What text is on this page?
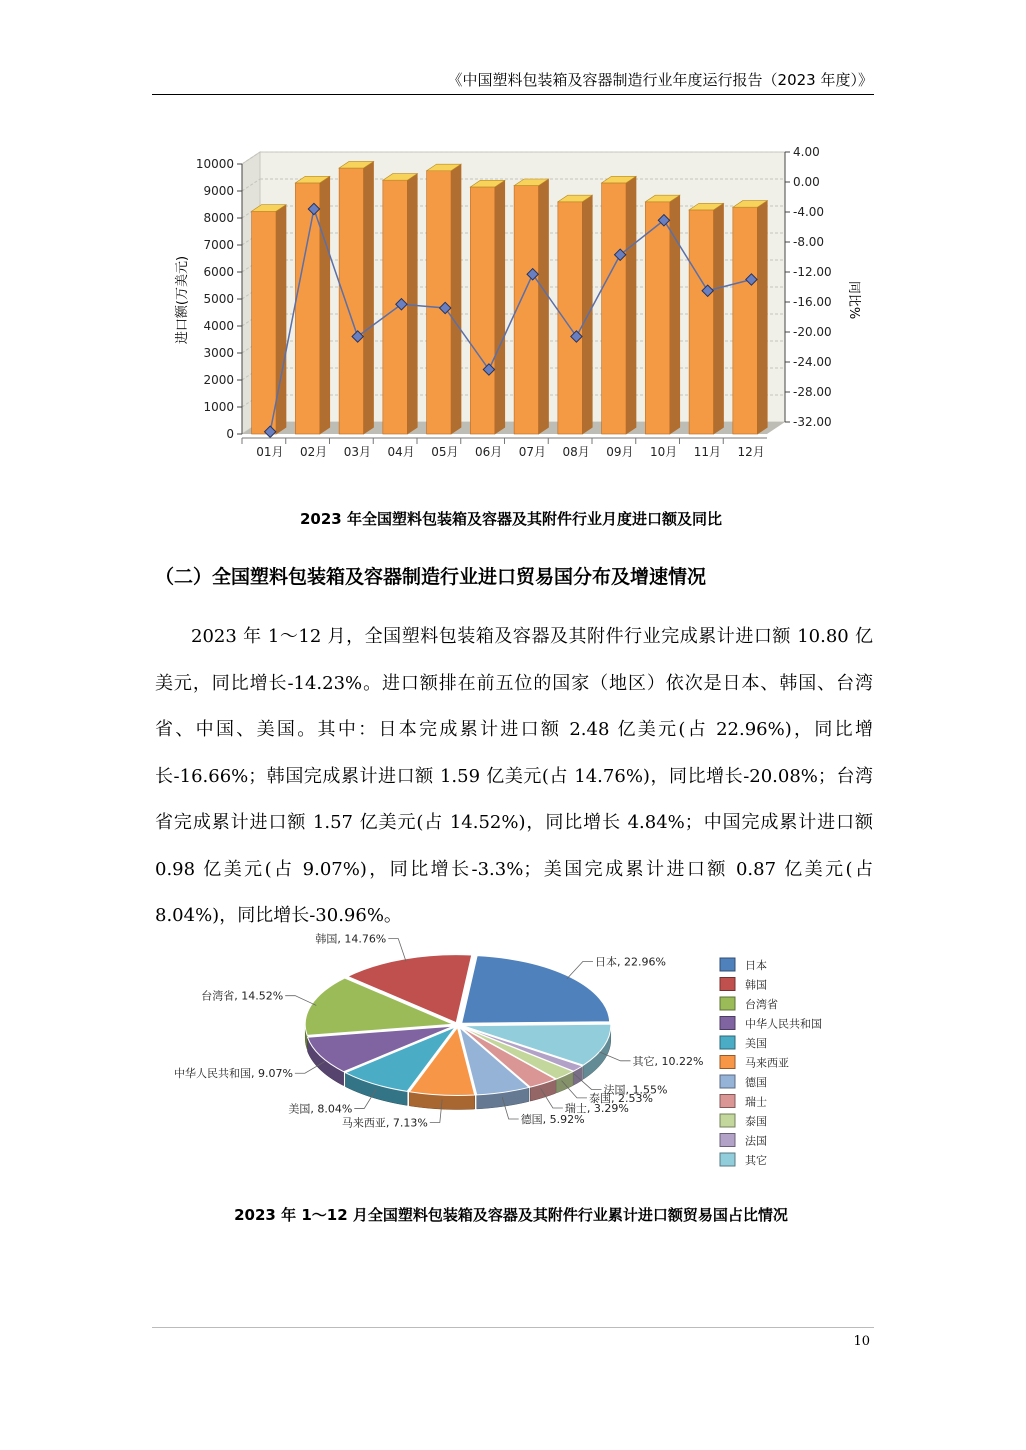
《中国塑料包装箱及容器制造行业年度运行报告（2023 年度）》
0
1000
2000
3000
4000
5000
6000
7000
8000
9000
10000
4.00
0.00
-4.00
-8.00
-12.00
-16.00
-20.00
-24.00
-28.00
-32.00
01月 02月 03月 04月 05月 06月 07月 08月 09月 10月 11月 12月
进口额(万美元)	同比%
2023 年全国塑料包装箱及容器及其附件行业月度进口额及同比
（二）全国塑料包装箱及容器制造行业进口贸易国分布及增速情况
2023 年 1～12 月，全国塑料包装箱及容器及其附件行业完成累计进口额 10.80 亿美元，同比增长-14.23%。进口额排在前五位的国家（地区）依次是日本、韩国、台湾省、中国、美国。其中：日本完成累计进口额 2.48 亿美元(占 22.96%)，同比增长-16.66%；韩国完成累计进口额 1.59 亿美元(占 14.76%)，同比增长-20.08%；台湾省完成累计进口额 1.57 亿美元(占 14.52%)，同比增长 4.84%；中国完成累计进口额 0.98 亿美元(占 9.07%)，同比增长-3.3%；美国完成累计进口额 0.87 亿美元(占 8.04%)，同比增长-30.96%。
日本, 22.96%
其它, 10.22%
法国, 1.55%
泰国, 2.53%
瑞士, 3.29%
德国, 5.92%
马来西亚, 7.13%
美国, 8.04%
中华人民共和国, 9.07%
台湾省, 14.52%
韩国, 14.76%
日本
韩国
台湾省
中华人民共和国
美国
马来西亚
德国
瑞士
泰国
法国
其它
2023 年 1～12 月全国塑料包装箱及容器及其附件行业累计进口额贸易国占比情况
10
